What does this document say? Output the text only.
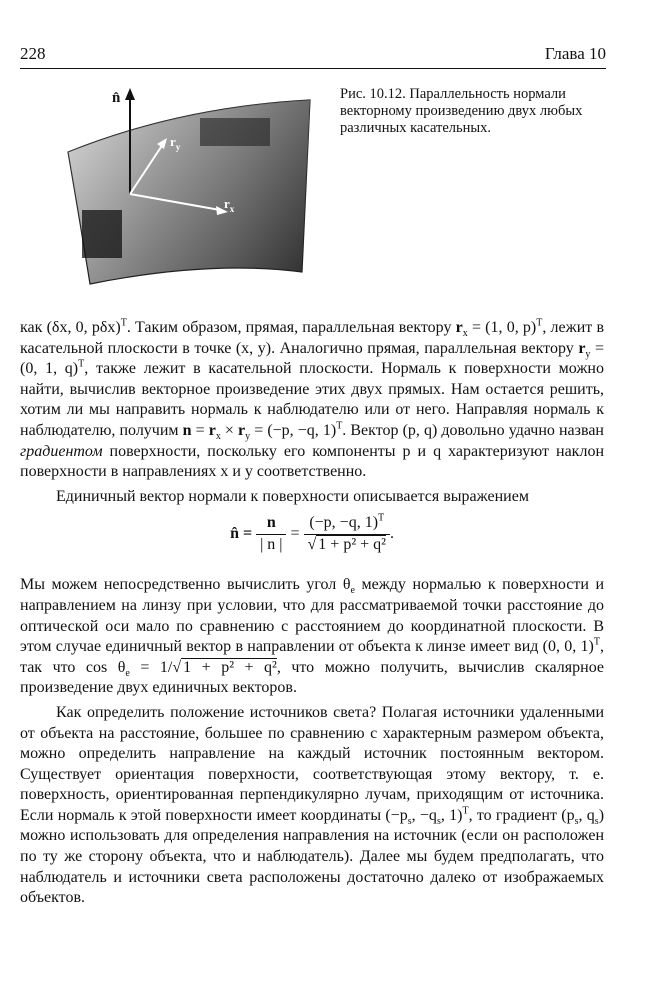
228	Глава 10
n̂
$r_y$
$r_x$
Рис. 10.12. Параллельность нормали векторному произведению двух любых различных касательных.

как (δx, 0, pδx)$^T$. Таким образом, прямая, параллельная вектору $r_x = (1$, 0, p)$^T$, лежит в касательной плоскости в точке (x, y). Аналогично прямая, параллельная вектору $r_y = (0$, 1, q)$^T$, также лежит в касательной плоскости. Нормаль к поверхности можно найти, вычислив векторное произведение этих двух прямых. Нам остается решить, хотим ли мы направить нормаль к наблюдателю или от него. Направляя нормаль к наблюдателю, получим $n = r_x \times r_y = (-p$, −q, 1)$^T$. Вектор (p, q) довольно удачно назван градиентом поверхности, поскольку его компоненты p и q характеризуют наклон поверхности в направлениях x и y соответственно.

Единичный вектор нормали к поверхности описывается выражением

n̂ = $\frac{n}{| n |} = \frac{(-p, -q, 1)^T}{\text{√ 1 + p² + q²}}$ .

Мы можем непосредственно вычислить угол $\theta_e$ между нормалью к поверхности и направлением на линзу при условии, что для рассматриваемой точки расстояние до оптической оси мало по сравнению с расстоянием до координатной плоскости. В этом случае единичный вектор в направлении от объекта к линзе имеет вид (0, 0, 1)$^T$, так что $\cos \theta_e = 1/√$ 1 + p² + q², что можно получить, вычислив скалярное произведение двух единичных векторов.

Как определить положение источников света? Полагая источники удаленными от объекта на расстояние, большее по сравнению с характерным размером объекта, можно определить направление на каждый источник постоянным вектором. Существует ориентация поверхности, соответствующая этому вектору, т. е. поверхность, ориентированная перпендикулярно лучам, приходящим от источника. Если нормаль к этой поверхности имеет координаты ($-p_s$, $-q_s$, 1)$^T$, то градиент ($p_s$, $q_s$) можно использовать для определения направления на источник (если он расположен по ту же сторону объекта, что и наблюдатель). Далее мы будем предполагать, что наблюдатель и источники света расположены достаточно далеко от изображаемых объектов.
